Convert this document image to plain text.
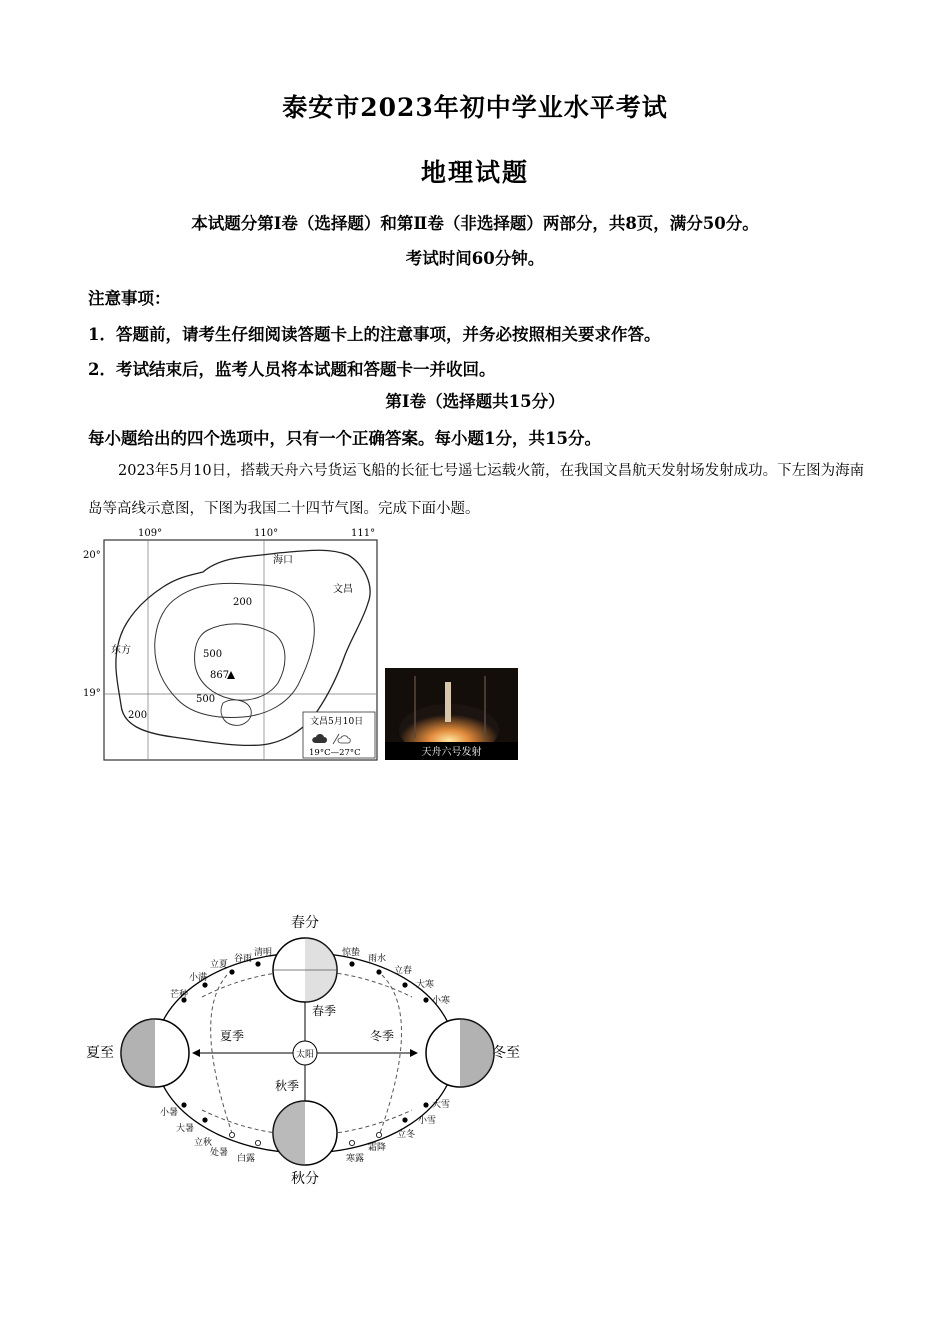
泰安市2023年初中学业水平考试
地理试题
本试题分第Ⅰ卷（选择题）和第Ⅱ卷（非选择题）两部分，共8页，满分50分。
考试时间60分钟。
注意事项：
1．答题前，请考生仔细阅读答题卡上的注意事项，并务必按照相关要求作答。
2．考试结束后，监考人员将本试题和答题卡一并收回。
第Ⅰ卷（选择题共15分）
每小题给出的四个选项中，只有一个正确答案。每小题1分，共15分。
2023年5月10日，搭载天舟六号货运飞船的长征七号遥七运载火箭，在我国文昌航天发射场发射成功。下左图为海南岛等高线示意图，下图为我国二十四节气图。完成下面小题。
109°	110°	111°
20°
19°
海口
文昌
东方
200
500
867
500
200
文昌5月10日
19°C—27°C	天舟六号发射
太阳
春分
夏至	冬至
秋分
春季
夏季	冬季
秋季
谷雨
清明
立夏
小满
芒种
惊蛰
雨水
立春
大寒
小寒
小暑
大暑
立秋
处暑
白露	寒露
霜降
立冬
小雪
大雪
